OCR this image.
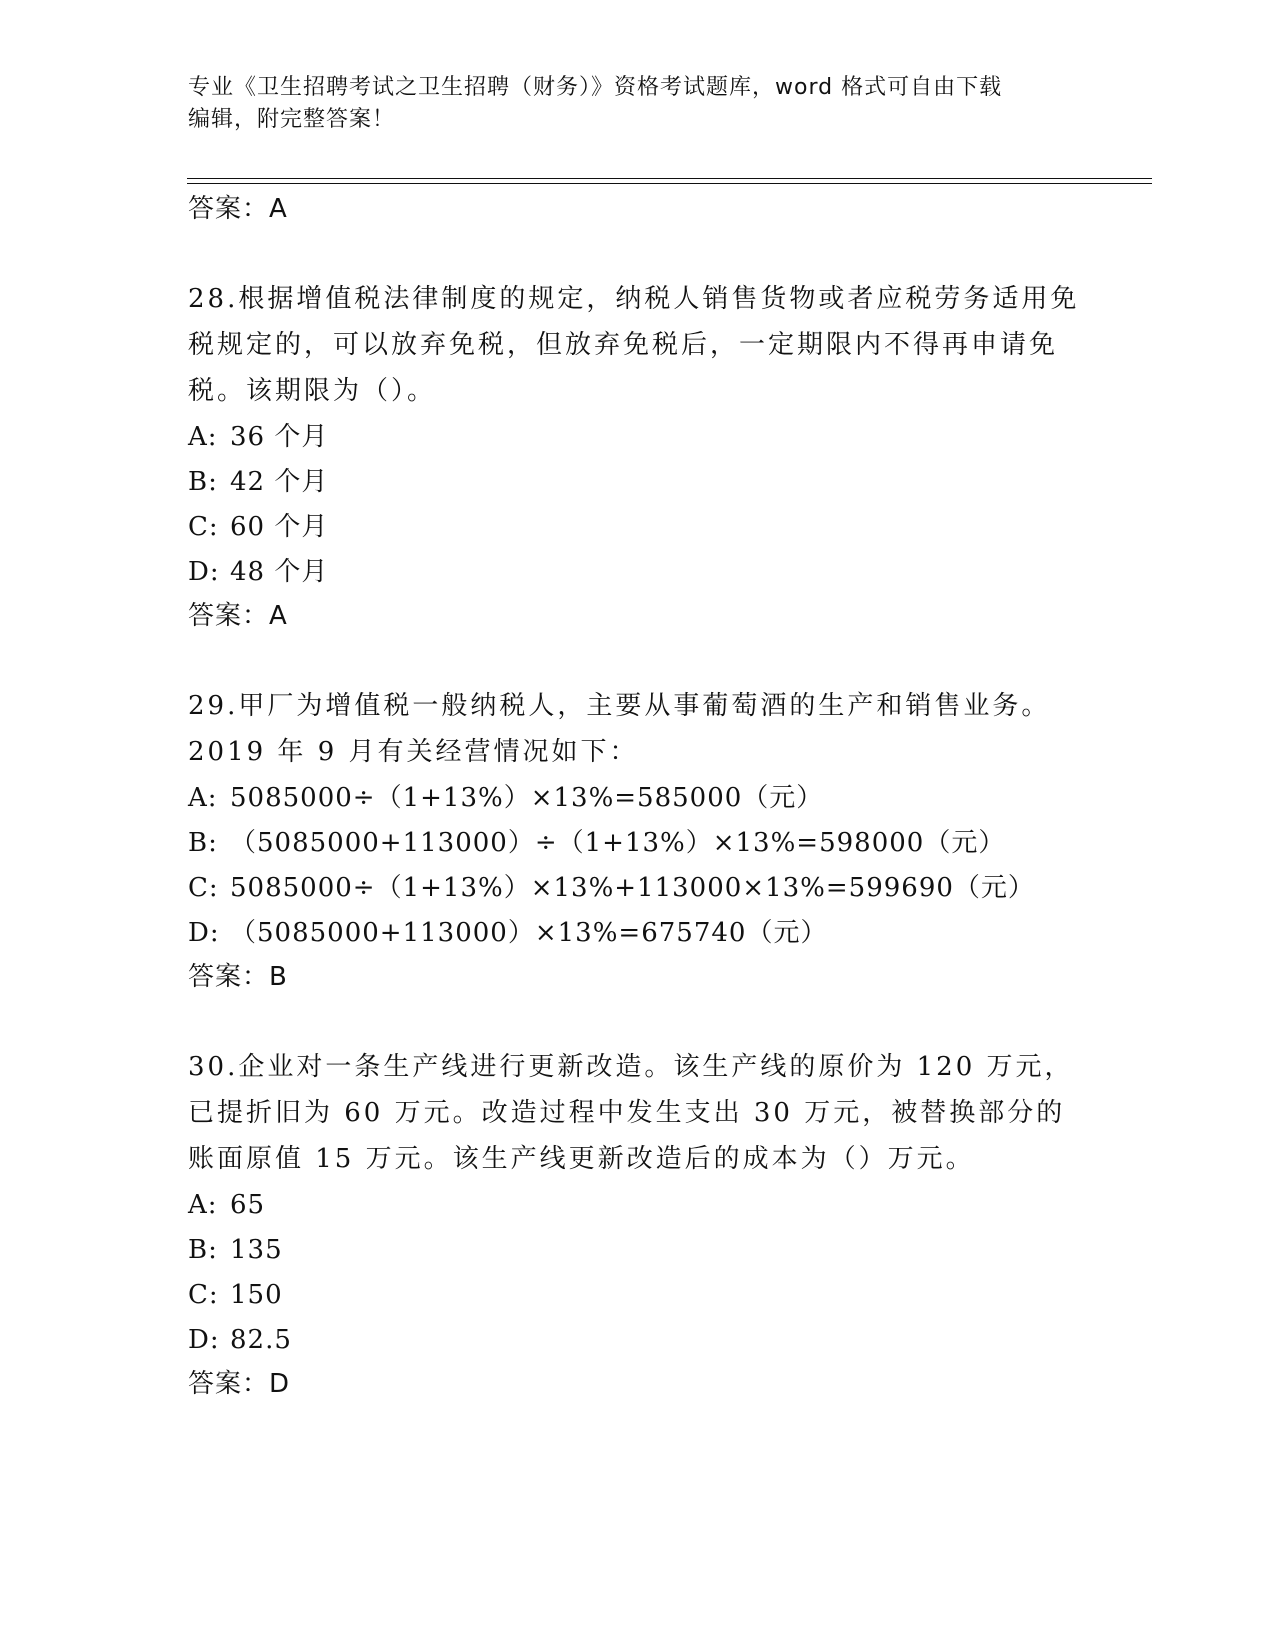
专业《卫生招聘考试之卫生招聘（财务）》资格考试题库，word 格式可自由下载
编辑，附完整答案！
答案：A
28.根据增值税法律制度的规定，纳税人销售货物或者应税劳务适用免税规定的，可以放弃免税，但放弃免税后，一定期限内不得再申请免税。该期限为（）。
A: 36 个月
B: 42 个月
C: 60 个月
D: 48 个月
答案：A
29.甲厂为增值税一般纳税人，主要从事葡萄酒的生产和销售业务。2019 年 9 月有关经营情况如下：
A: 5085000÷（1+13%）×13%=585000（元）
B: （5085000+113000）÷（1+13%）×13%=598000（元）
C: 5085000÷（1+13%）×13%+113000×13%=599690（元）
D: （5085000+113000）×13%=675740（元）
答案：B
30.企业对一条生产线进行更新改造。该生产线的原价为 120 万元，已提折旧为 60 万元。改造过程中发生支出 30 万元，被替换部分的账面原值 15 万元。该生产线更新改造后的成本为（）万元。
A: 65
B: 135
C: 150
D: 82.5
答案：D
